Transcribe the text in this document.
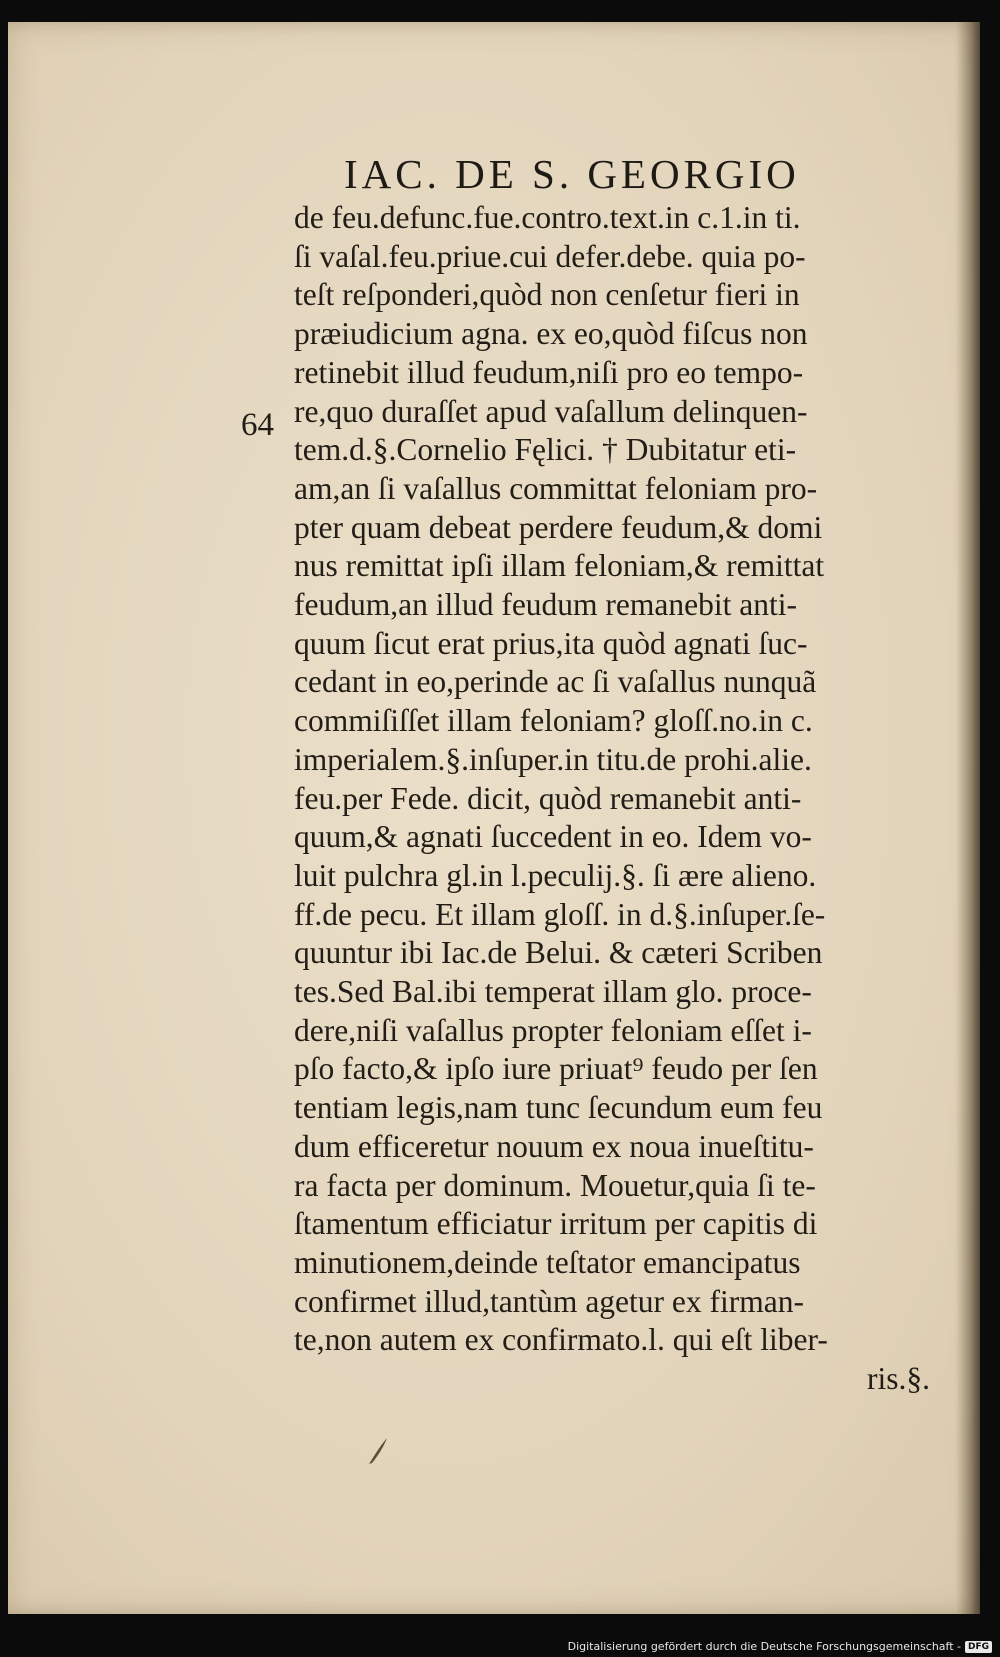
IAC. DE S. GEORGIO
64
de feu.defunc.fue.contro.text.in c.1.in ti.
ſi vaſal.feu.priue.cui defer.debe. quia po-
teſt reſponderi,quòd non cenſetur fieri in
præiudicium agna. ex eo,quòd fiſcus non
retinebit illud feudum,niſi pro eo tempo-
re,quo duraſſet apud vaſallum delinquen-
tem.d.§.Cornelio Fęlici. † Dubitatur eti-
am,an ſi vaſallus committat feloniam pro-
pter quam debeat perdere feudum,& domi
nus remittat ipſi illam feloniam,& remittat
feudum,an illud feudum remanebit anti-
quum ſicut erat prius,ita quòd agnati ſuc-
cedant in eo,perinde ac ſi vaſallus nunquã
commiſiſſet illam feloniam? gloſſ.no.in c.
imperialem.§.inſuper.in titu.de prohi.alie.
feu.per Fede. dicit, quòd remanebit anti-
quum,& agnati ſuccedent in eo. Idem vo-
luit pulchra gl.in l.peculij.§. ſi ære alieno.
ff.de pecu. Et illam gloſſ. in d.§.inſuper.ſe-
quuntur ibi Iac.de Belui. & cæteri Scriben
tes.Sed Bal.ibi temperat illam glo. proce-
dere,niſi vaſallus propter feloniam eſſet i-
pſo facto,& ipſo iure priuat⁹ feudo per ſen
tentiam legis,nam tunc ſecundum eum feu
dum efficeretur nouum ex noua inueſtitu-
ra facta per dominum. Mouetur,quia ſi te-
ſtamentum efficiatur irritum per capitis di
minutionem,deinde teſtator emancipatus
confirmet illud,tantùm agetur ex firman-
te,non autem ex confirmato.l. qui eſt liber-
ris.§.
Digitalisierung gefördert durch die Deutsche Forschungsgemeinschaft - DFG
